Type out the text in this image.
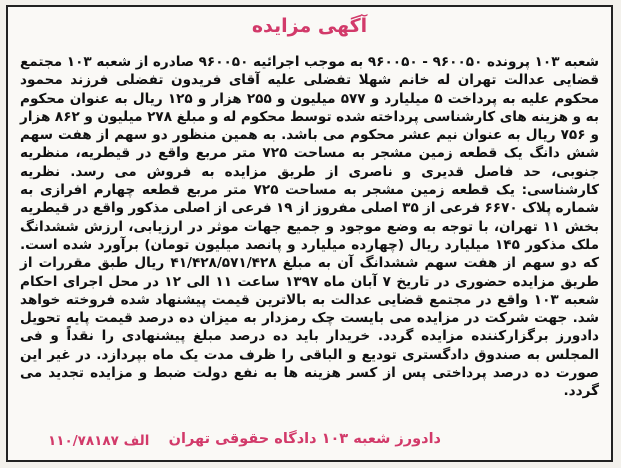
آگهی مزایده
شعبه ۱۰۳ پرونده ۹۶۰۰۵۰ - ۹۶۰۰۵۰ به موجب اجرائیه ۹۶۰۰۵۰ صادره از شعبه ۱۰۳ مجتمع قضایی عدالت تهران له خانم شهلا تفضلی علیه آقای فریدون تفضلی فرزند محمود محکوم علیه به پرداخت ۵ میلیارد و ۵۷۷ میلیون و ۲۵۵ هزار و ۱۲۵ ریال به عنوان محکوم به و هزینه های کارشناسی پرداخته شده توسط محکوم له و مبلغ ۲۷۸ میلیون و ۸۶۲ هزار و ۷۵۶ ریال به عنوان نیم عشر محکوم می باشد. به همین منظور دو سهم از هفت سهم شش دانگ یک قطعه زمین مشجر به مساحت ۷۲۵ متر مربع واقع در قیطریه، منظریه جنوبی، حد فاصل قدیری و ناصری از طریق مزایده به فروش می رسد. نظریه کارشناسی: یک قطعه زمین مشجر به مساحت ۷۲۵ متر مربع قطعه چهارم افرازی به شماره پلاک ۶۶۷۰ فرعی از ۳۵ اصلی مفروز از ۱۹ فرعی از اصلی مذکور واقع در قیطریه بخش ۱۱ تهران، با توجه به وضع موجود و جمیع جهات موثر در ارزیابی، ارزش ششدانگ ملک مذکور ۱۴۵ میلیارد ریال (چهارده میلیارد و پانصد میلیون تومان) برآورد شده است. که دو سهم از هفت سهم ششدانگ آن به مبلغ ۴۱/۴۲۸/۵۷۱/۴۲۸ ریال طبق مقررات از طریق مزایده حضوری در تاریخ ۷ آبان ماه ۱۳۹۷ ساعت ۱۱ الی ۱۲ در محل اجرای احکام شعبه ۱۰۳ واقع در مجتمع قضایی عدالت به بالاترین قیمت پیشنهاد شده فروخته خواهد شد. جهت شرکت در مزایده می بایست چک رمزدار به میزان ده درصد قیمت پایه تحویل دادورز برگزارکننده مزایده گردد. خریدار باید ده درصد مبلغ پیشنهادی را نقداً و فی المجلس به صندوق دادگستری تودیع و الباقی را ظرف مدت یک ماه بپردازد. در غیر این صورت ده درصد پرداختی پس از کسر هزینه ها به نفع دولت ضبط و مزایده تجدید می گردد.
دادورز شعبه ۱۰۳ دادگاه حقوقی تهران
۱۱۰/۷۸۱۸۷ الف
